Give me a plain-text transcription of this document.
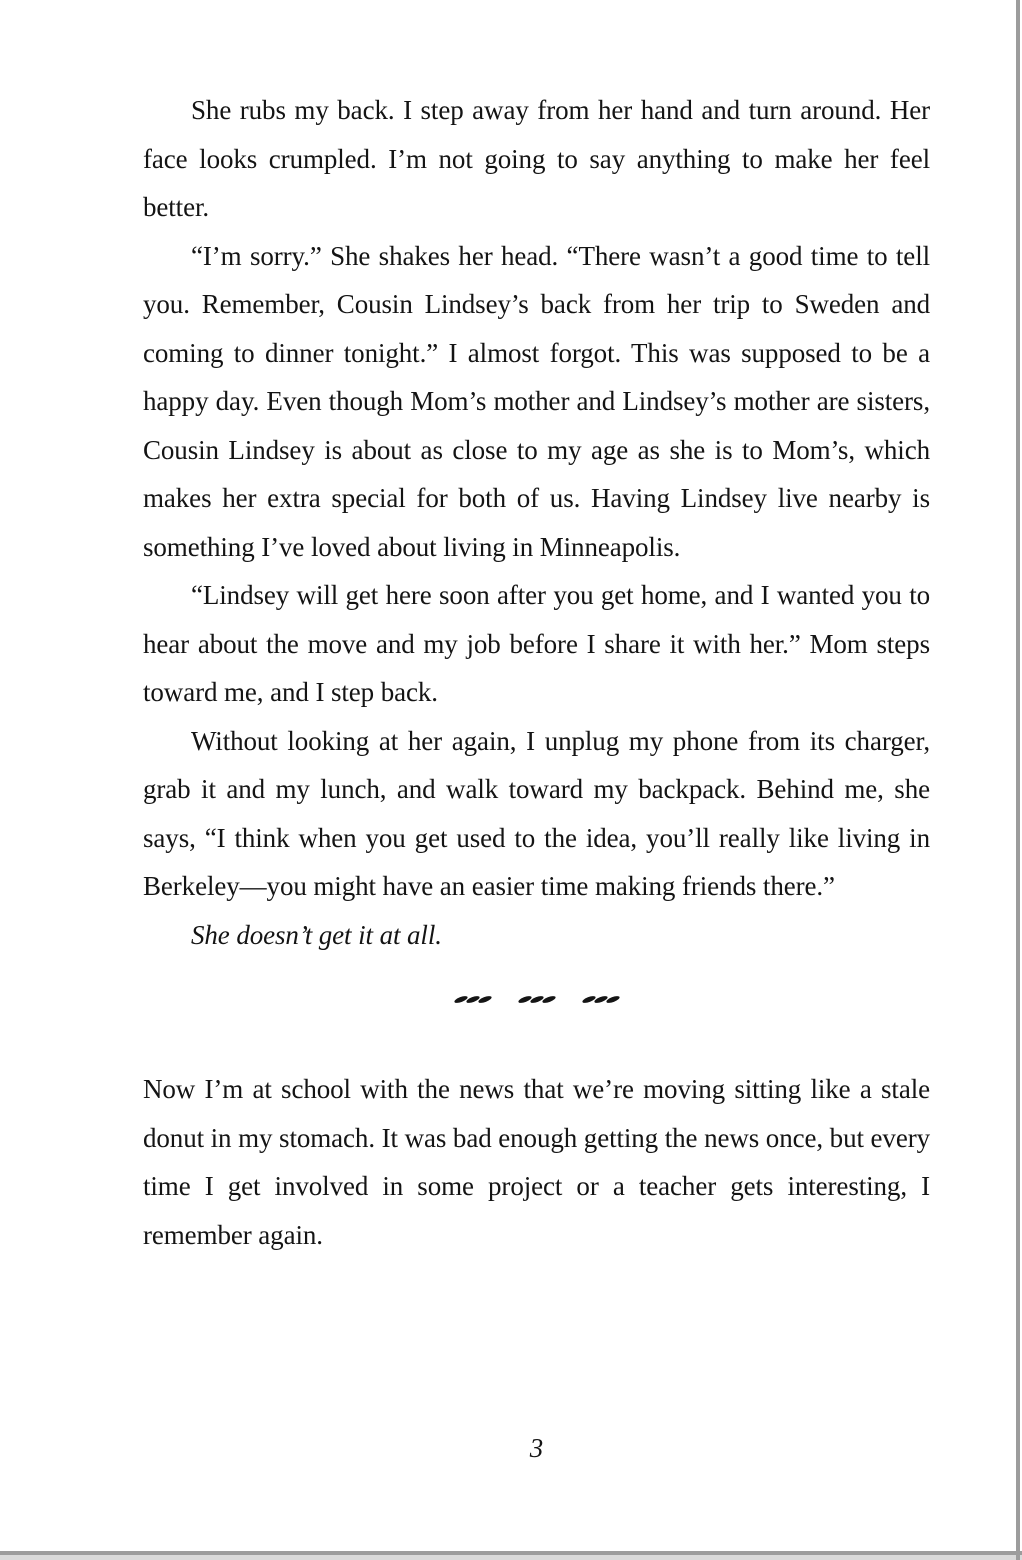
She rubs my back. I step away from her hand and turn around. Her face looks crumpled. I’m not going to say anything to make her feel better.

“I’m sorry.” She shakes her head. “There wasn’t a good time to tell you. Remember, Cousin Lindsey’s back from her trip to Sweden and coming to dinner tonight.” I almost forgot. This was supposed to be a happy day. Even though Mom’s mother and Lindsey’s mother are sisters, Cousin Lindsey is about as close to my age as she is to Mom’s, which makes her extra special for both of us. Having Lindsey live nearby is something I’ve loved about living in Minneapolis.

“Lindsey will get here soon after you get home, and I wanted you to hear about the move and my job before I share it with her.” Mom steps toward me, and I step back.

Without looking at her again, I unplug my phone from its charger, grab it and my lunch, and walk toward my backpack. Behind me, she says, “I think when you get used to the idea, you’ll really like living in Berkeley—you might have an easier time making friends there.”

She doesn’t get it at all.

Now I’m at school with the news that we’re moving sitting like a stale donut in my stomach. It was bad enough getting the news once, but every time I get involved in some project or a teacher gets interesting, I remember again.

3
